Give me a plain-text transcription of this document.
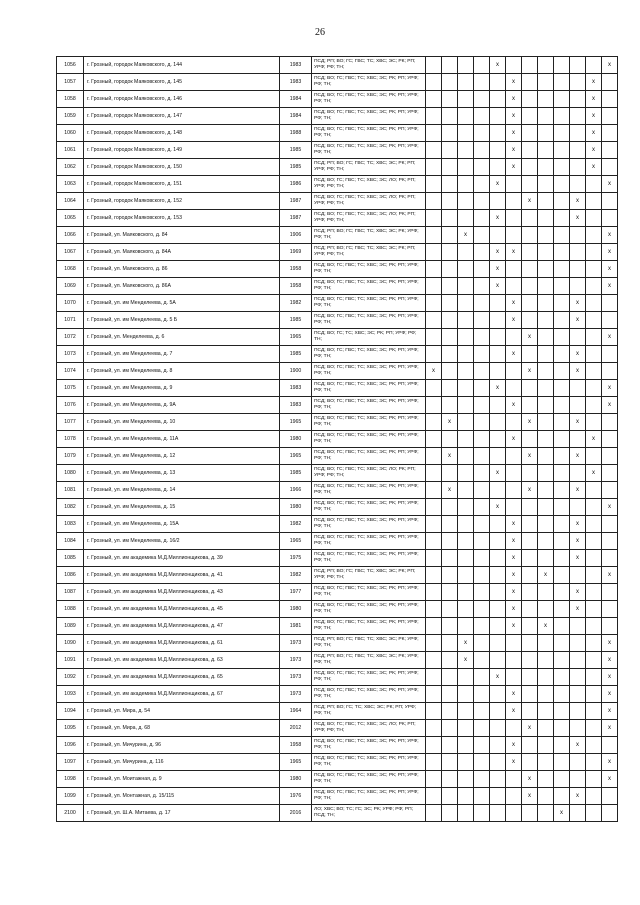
26
1056	г. Грозный, городок Маяковского, д. 144	1983	ПСД; РП; ВО; ГС; ГВС; ТС; ХВС; ЭС; РК; РП; УРФ; РФ; ТН;					x							x
1057	г. Грозный, городок Маяковского, д. 145	1983	ПСД; ВО; ГС; ГВС; ТС; ХВС; ЭС; РК; РП; УРФ; РФ; ТН;						x					x	
1058	г. Грозный, городок Маяковского, д. 146	1984	ПСД; ВО; ГС; ГВС; ТС; ХВС; ЭС; РК; РП; УРФ; РФ; ТН;						x					x	
1059	г. Грозный, городок Маяковского, д. 147	1984	ПСД; ВО; ГС; ГВС; ТС; ХВС; ЭС; РК; РП; УРФ; РФ; ТН;						x					x	
1060	г. Грозный, городок Маяковского, д. 148	1988	ПСД; ВО; ГС; ГВС; ТС; ХВС; ЭС; РК; РП; УРФ; РФ; ТН;						x					x	
1061	г. Грозный, городок Маяковского, д. 149	1985	ПСД; ВО; ГС; ГВС; ТС; ХВС; ЭС; РК; РП; УРФ; РФ; ТН;						x					x	
1062	г. Грозный, городок Маяковского, д. 150	1985	ПСД; РП; ВО; ГС; ГВС; ТС; ХВС; ЭС; РК; РП; УРФ; РФ; ТН;						x					x	
1063	г. Грозный, городок Маяковского, д. 151	1986	ПСД; ВО; ГС; ГВС; ТС; ХВС; ЭС; ЛО; РК; РП; УРФ; РФ; ТН;					x							x
1064	г. Грозный, городок Маяковского, д. 152	1987	ПСД; ВО; ГС; ГВС; ТС; ХВС; ЭС; ЛО; РК; РП; УРФ; РФ; ТН;							x			x		
1065	г. Грозный, городок Маяковского, д. 153	1987	ПСД; ВО; ГС; ГВС; ТС; ХВС; ЭС; ЛО; РК; РП; УРФ; РФ; ТН;					x					x		
1066	г. Грозный, ул. Маяковского, д. 84	1906	ПСД; РП; ВО; ГС; ГВС; ТС; ХВС; ЭС; РК; УРФ; РФ; ТН;			x									x
1067	г. Грозный, ул. Маяковского, д. 84А	1969	ПСД; РП; ВО; ГС; ГВС; ТС; ХВС; ЭС; РК; РП; УРФ; РФ; ТН;					x	x						x
1068	г. Грозный, ул. Маяковского, д. 86	1958	ПСД; ВО; ГС; ГВС; ТС; ХВС; ЭС; РК; РП; УРФ; РФ; ТН;					x							x
1069	г. Грозный, ул. Маяковского, д. 86А	1958	ПСД; ВО; ГС; ГВС; ТС; ХВС; ЭС; РК; РП; УРФ; РФ; ТН;					x							x
1070	г. Грозный, ул. им Менделеева, д. 5А	1982	ПСД; ВО; ГС; ГВС; ТС; ХВС; ЭС; РК; РП; УРФ; РФ; ТН;						x				x		
1071	г. Грозный, ул. им Менделеева, д. 5 Б	1985	ПСД; ВО; ГС; ГВС; ТС; ХВС; ЭС; РК; РП; УРФ; РФ; ТН;						x				x		
1072	г. Грозный, ул. Менделеева, д. 6	1965	ПСД; ВО; ГС; ТС; ХВС; ЭС; РК; РП; УРФ; РФ; ТН;							x					x
1073	г. Грозный, ул. им Менделеева, д. 7	1985	ПСД; ВО; ГС; ГВС; ТС; ХВС; ЭС; РК; РП; УРФ; РФ; ТН;						x				x		
1074	г. Грозный, ул. им Менделеева, д. 8	1900	ПСД; ВО; ГС; ГВС; ТС; ХВС; ЭС; РК; РП; УРФ; РФ; ТН;	x						x			x		
1075	г. Грозный, ул. им Менделеева, д. 9	1983	ПСД; ВО; ГС; ГВС; ТС; ХВС; ЭС; РК; РП; УРФ; РФ; ТН;					x							x
1076	г. Грозный, ул. им Менделеева, д. 9А	1983	ПСД; ВО; ГС; ГВС; ТС; ХВС; ЭС; РК; РП; УРФ; РФ; ТН;						x						x
1077	г. Грозный, ул. им Менделеева, д. 10	1965	ПСД; ВО; ГС; ГВС; ТС; ХВС; ЭС; РК; РП; УРФ; РФ; ТН;		x					x			x		
1078	г. Грозный, ул. им Менделеева, д. 11А	1980	ПСД; ВО; ГС; ГВС; ТС; ХВС; ЭС; РК; РП; УРФ; РФ; ТН;						x					x	
1079	г. Грозный, ул. им Менделеева, д. 12	1965	ПСД; ВО; ГС; ГВС; ТС; ХВС; ЭС; РК; РП; УРФ; РФ; ТН;		x					x			x		
1080	г. Грозный, ул. им Менделеева, д. 13	1985	ПСД; ВО; ГС; ГВС; ТС; ХВС; ЭС; ЛО; РК; РП; УРФ; РФ; ТН;					x						x	
1081	г. Грозный, ул. им Менделеева, д. 14	1966	ПСД; ВО; ГС; ГВС; ТС; ХВС; ЭС; РК; РП; УРФ; РФ; ТН;		x					x			x		
1082	г. Грозный, ул. им Менделеева, д. 15	1980	ПСД; ВО; ГС; ГВС; ТС; ХВС; ЭС; РК; РП; УРФ; РФ; ТН;					x							x
1083	г. Грозный, ул. им Менделеева, д. 15А	1982	ПСД; ВО; ГС; ГВС; ТС; ХВС; ЭС; РК; РП; УРФ; РФ; ТН;						x				x		
1084	г. Грозный, ул. им Менделеева, д. 16/2	1965	ПСД; ВО; ГС; ГВС; ТС; ХВС; ЭС; РК; РП; УРФ; РФ; ТН;						x				x		
1085	г. Грозный, ул. им академика М.Д.Миллионщикова, д. 39	1975	ПСД; ВО; ГС; ГВС; ТС; ХВС; ЭС; РК; РП; УРФ; РФ; ТН;						x				x		
1086	г. Грозный, ул. им академика М.Д.Миллионщикова, д. 41	1982	ПСД; РП; ВО; ГС; ГВС; ТС; ХВС; ЭС; РК; РП; УРФ; РФ; ТН;						x		x				x
1087	г. Грозный, ул. им академика М.Д.Миллионщикова, д. 43	1977	ПСД; ВО; ГС; ГВС; ТС; ХВС; ЭС; РК; РП; УРФ; РФ; ТН;						x				x		
1088	г. Грозный, ул. им академика М.Д.Миллионщикова, д. 45	1980	ПСД; ВО; ГС; ГВС; ТС; ХВС; ЭС; РК; РП; УРФ; РФ; ТН;						x				x		
1089	г. Грозный, ул. им академика М.Д.Миллионщикова, д. 47	1981	ПСД; ВО; ГС; ГВС; ТС; ХВС; ЭС; РК; РП; УРФ; РФ; ТН;						x		x				
1090	г. Грозный, ул. им академика М.Д.Миллионщикова, д. 61	1973	ПСД; РП; ВО; ГС; ГВС; ТС; ХВС; ЭС; РК; УРФ; РФ; ТН;			x									x
1091	г. Грозный, ул. им академика М.Д.Миллионщикова, д. 63	1973	ПСД; РП; ВО; ГС; ГВС; ТС; ХВС; ЭС; РК; УРФ; РФ; ТН;			x									x
1092	г. Грозный, ул. им академика М.Д.Миллионщикова, д. 65	1973	ПСД; ВО; ГС; ГВС; ТС; ХВС; ЭС; РК; РП; УРФ; РФ; ТН;					x							x
1093	г. Грозный, ул. им академика М.Д.Миллионщикова, д. 67	1973	ПСД; ВО; ГС; ГВС; ТС; ХВС; ЭС; РК; РП; УРФ; РФ; ТН;						x						x
1094	г. Грозный, ул. Мира, д. 54	1964	ПСД; РП; ВО; ГС; ТС; ХВС; ЭС; РК; РП; УРФ; РФ; ТН;						x						x
1095	г. Грозный, ул. Мира, д. 68	2012	ПСД; ВО; ГС; ГВС; ТС; ХВС; ЭС; ЛО; РК; РП; УРФ; РФ; ТН;							x					x
1096	г. Грозный, ул. Мичурина, д. 96	1958	ПСД; ВО; ГС; ГВС; ТС; ХВС; ЭС; РК; РП; УРФ; РФ; ТН;						x				x		
1097	г. Грозный, ул. Мичурина, д. 116	1965	ПСД; ВО; ГС; ГВС; ТС; ХВС; ЭС; РК; РП; УРФ; РФ; ТН;						x						x
1098	г. Грозный, ул. Моитажная, д. 9	1980	ПСД; ВО; ГС; ГВС; ТС; ХВС; ЭС; РК; РП; УРФ; РФ; ТН;							x					x
1099	г. Грозный, ул. Монтажная, д. 15/115	1976	ПСД; ВО; ГС; ГВС; ТС; ХВС; ЭС; РК; РП; УРФ; РФ; ТН;							x			x		
2100	г. Грозный, ул. Ш.А. Митаева, д. 17	2016	ЛО; ХВС; ВО; ТС; ГС; ЭС; РК; УРФ; РФ; РП; ПСД; ТН;									x			
